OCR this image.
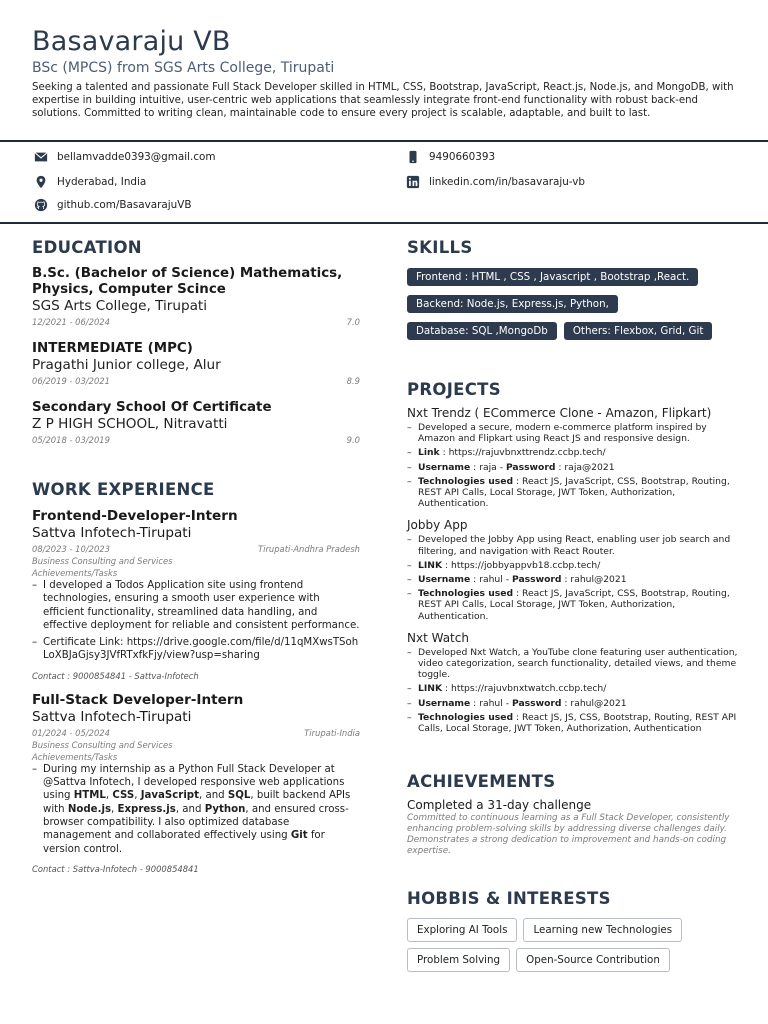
Basavaraju VB
BSc (MPCS) from SGS Arts College, Tirupati
Seeking a talented and passionate Full Stack Developer skilled in HTML, CSS, Bootstrap, JavaScript, React.js, Node.js, and MongoDB, with expertise in building intuitive, user-centric web applications that seamlessly integrate front-end functionality with robust back-end solutions. Committed to writing clean, maintainable code to ensure every project is scalable, adaptable, and built to last.
bellamvadde0393@gmail.com	9490660393
Hyderabad, India	linkedin.com/in/basavaraju-vb
github.com/BasavarajuVB
EDUCATION
B.Sc. (Bachelor of Science) Mathematics, Physics, Computer Scince
SGS Arts College, Tirupati
12/2021 - 06/2024	7.0
INTERMEDIATE (MPC)
Pragathi Junior college, Alur
06/2019 - 03/2021	8.9
Secondary School Of Certificate
Z P HIGH SCHOOL, Nitravatti
05/2018 - 03/2019	9.0
WORK EXPERIENCE
Frontend-Developer-Intern
Sattva Infotech-Tirupati
08/2023 - 10/2023	Tirupati-Andhra Pradesh
Business Consulting and Services
Achievements/Tasks
– I developed a Todos Application site using frontend technologies, ensuring a smooth user experience with efficient functionality, streamlined data handling, and effective deployment for reliable and consistent performance.
– Certificate Link: https://drive.google.com/file/d/11qMXwsTSohLoXBJaGjsy3JVfRTxfkFjy/view?usp=sharing
Contact : 9000854841 - Sattva-Infotech
Full-Stack Developer-Intern
Sattva Infotech-Tirupati
01/2024 - 05/2024	Tirupati-India
Business Consulting and Services
Achievements/Tasks
– During my internship as a Python Full Stack Developer at @Sattva Infotech, I developed responsive web applications using HTML, CSS, JavaScript, and SQL, built backend APIs with Node.js, Express.js, and Python, and ensured cross-browser compatibility. I also optimized database management and collaborated effectively using Git for version control.
Contact : Sattva-Infotech - 9000854841
SKILLS
Frontend : HTML , CSS , Javascript , Bootstrap ,React.
Backend: Node.js, Express.js, Python,
Database: SQL ,MongoDb	Others: Flexbox, Grid, Git
PROJECTS
Nxt Trendz ( ECommerce Clone - Amazon, Flipkart)
– Developed a secure, modern e-commerce platform inspired by Amazon and Flipkart using React JS and responsive design.
– Link : https://rajuvbnxttrendz.ccbp.tech/
– Username : raja - Password : raja@2021
– Technologies used : React JS, JavaScript, CSS, Bootstrap, Routing, REST API Calls, Local Storage, JWT Token, Authorization, Authentication.
Jobby App
– Developed the Jobby App using React, enabling user job search and filtering, and navigation with React Router.
– LINK : https://jobbyappvb18.ccbp.tech/
– Username : rahul - Password : rahul@2021
– Technologies used : React JS, JavaScript, CSS, Bootstrap, Routing, REST API Calls, Local Storage, JWT Token, Authorization, Authentication.
Nxt Watch
– Developed Nxt Watch, a YouTube clone featuring user authentication, video categorization, search functionality, detailed views, and theme toggle.
– LINK : https://rajuvbnxtwatch.ccbp.tech/
– Username : rahul - Password : rahul@2021
– Technologies used : React JS, JS, CSS, Bootstrap, Routing, REST API Calls, Local Storage, JWT Token, Authorization, Authentication
ACHIEVEMENTS
Completed a 31-day challenge
Committed to continuous learning as a Full Stack Developer, consistently enhancing problem-solving skills by addressing diverse challenges daily. Demonstrates a strong dedication to improvement and hands-on coding expertise.
HOBBIS & INTERESTS
Exploring AI Tools	Learning new Technologies
Problem Solving	Open-Source Contribution
